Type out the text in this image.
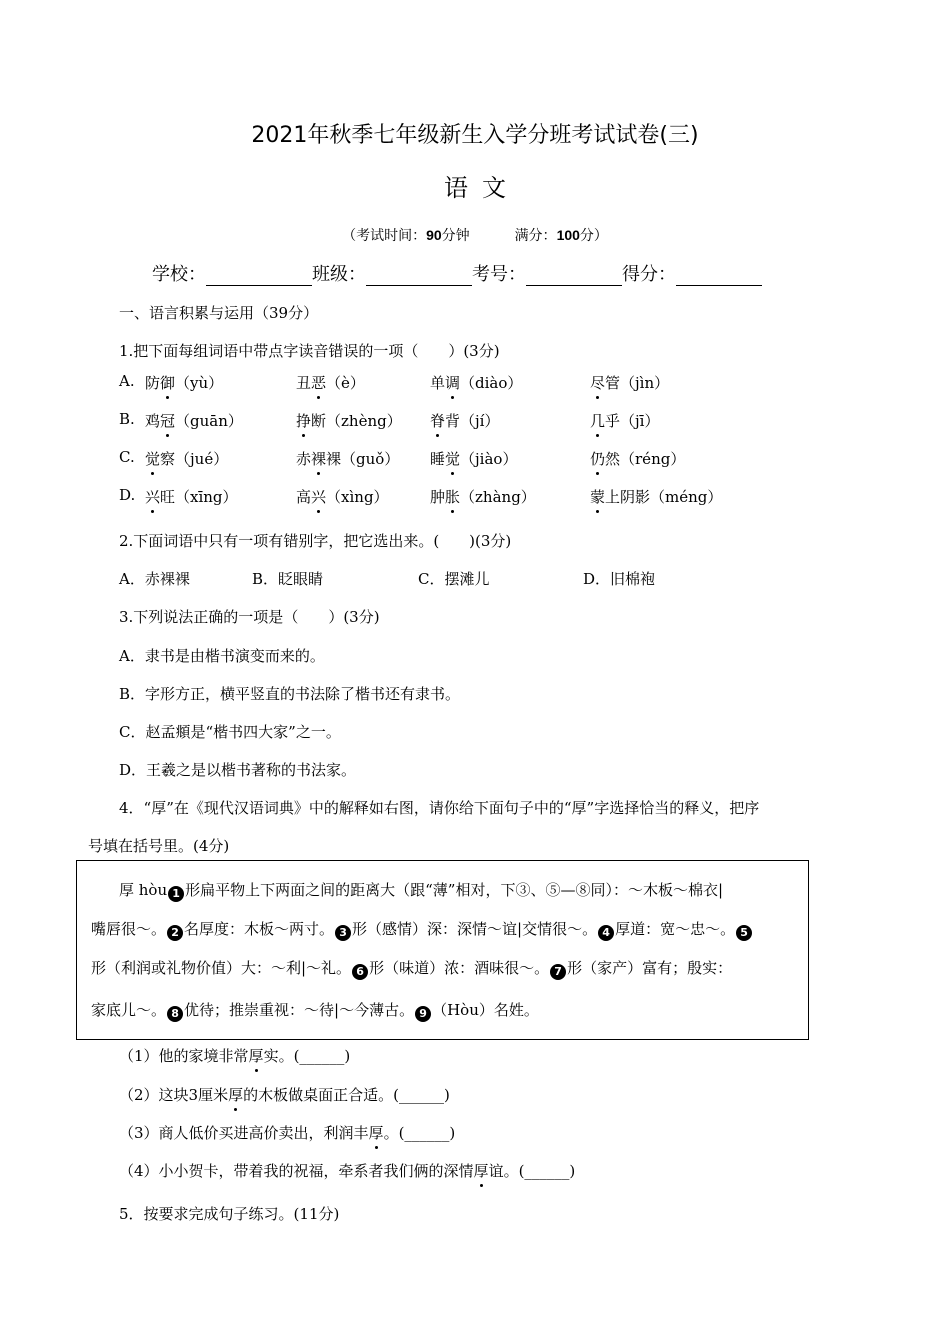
2021年秋季七年级新生入学分班考试试卷(三)
语文
（考试时间：90分钟	满分：100分）
学校：	班级：	考号：	得分：
一、语言积累与运用（39分）
1.把下面每组词语中带点字读音错误的一项（　　）(3分)
A. 防御（yù）	丑恶（è）	单调（diào）	尽管（jìn）
B. 鸡冠（guān）	挣断（zhèng） 脊背（jí）	几乎（jī）
C. 觉察（jué）	赤裸裸（guǒ） 睡觉（jiào）	仍然（réng）
D. 兴旺（xīng）	高兴（xìng）	肿胀（zhàng）	蒙上阴影（méng）
2.下面词语中只有一项有错别字，把它选出来。(　　)(3分)
A．赤裸裸	B．眨眼睛	C．摆滩儿	D．旧棉袍
3.下列说法正确的一项是（　　）(3分)
A．隶书是由楷书演变而来的。
B．字形方正，横平竖直的书法除了楷书还有隶书。
C．赵孟頫是“楷书四大家”之一。
D．王羲之是以楷书著称的书法家。
4．“厚”在《现代汉语词典》中的解释如右图，请你给下面句子中的“厚”字选择恰当的释义，把序
号填在括号里。(4分)
厚 hòu 1 形扁平物上下两面之间的距离大（跟“薄”相对，下③、⑤—⑧同）：～木板～棉衣|
嘴唇很～。 2 名厚度：木板～两寸。 3 形（感情）深：深情～谊|交情很～。 4 厚道：宽～忠～。 5
形（利润或礼物价值）大：～利|～礼。 6 形（味道）浓：酒味很～。 7 形（家产）富有；殷实：
家底儿～。 8 优待；推崇重视：～待|～今薄古。 9 （Hòu）名姓。
（1）他的家境非常厚实。(______)
（2）这块3厘米厚的木板做桌面正合适。(______)
（3）商人低价买进高价卖出，利润丰厚。(______)
（4）小小贺卡，带着我的祝福，牵系者我们俩的深情厚谊。(______)
5．按要求完成句子练习。(11分)
